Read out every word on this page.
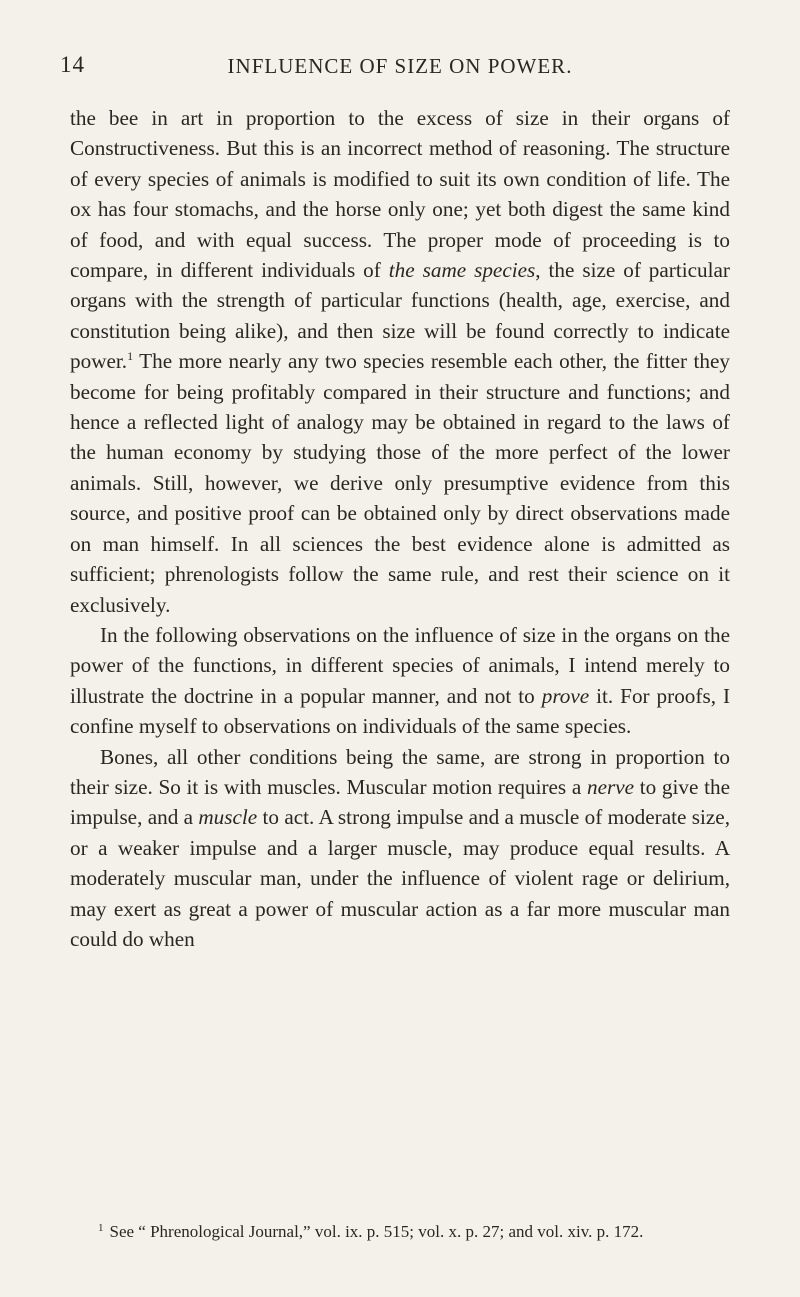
14	INFLUENCE OF SIZE ON POWER.

the bee in art in proportion to the excess of size in their organs of Constructiveness. But this is an incorrect method of reasoning. The structure of every species of animals is modified to suit its own condition of life. The ox has four stomachs, and the horse only one; yet both digest the same kind of food, and with equal success. The proper mode of proceeding is to compare, in different individuals of the same species, the size of particular organs with the strength of particular functions (health, age, exercise, and constitution being alike), and then size will be found correctly to indicate power.$^1$ The more nearly any two species resemble each other, the fitter they become for being profitably compared in their structure and functions; and hence a reflected light of analogy may be obtained in regard to the laws of the human economy by studying those of the more perfect of the lower animals. Still, however, we derive only presumptive evidence from this source, and positive proof can be obtained only by direct observations made on man himself. In all sciences the best evidence alone is admitted as sufficient; phrenologists follow the same rule, and rest their science on it exclusively.

In the following observations on the influence of size in the organs on the power of the functions, in different species of animals, I intend merely to illustrate the doctrine in a popular manner, and not to prove it. For proofs, I confine myself to observations on individuals of the same species.

Bones, all other conditions being the same, are strong in proportion to their size. So it is with muscles. Muscular motion requires a nerve to give the impulse, and a muscle to act. A strong impulse and a muscle of moderate size, or a weaker impulse and a larger muscle, may produce equal results. A moderately muscular man, under the influence of violent rage or delirium, may exert as great a power of muscular action as a far more muscular man could do when

$^1$ See “ Phrenological Journal,” vol. ix. p. 515; vol. x. p. 27; and vol. xiv. p. 172.
